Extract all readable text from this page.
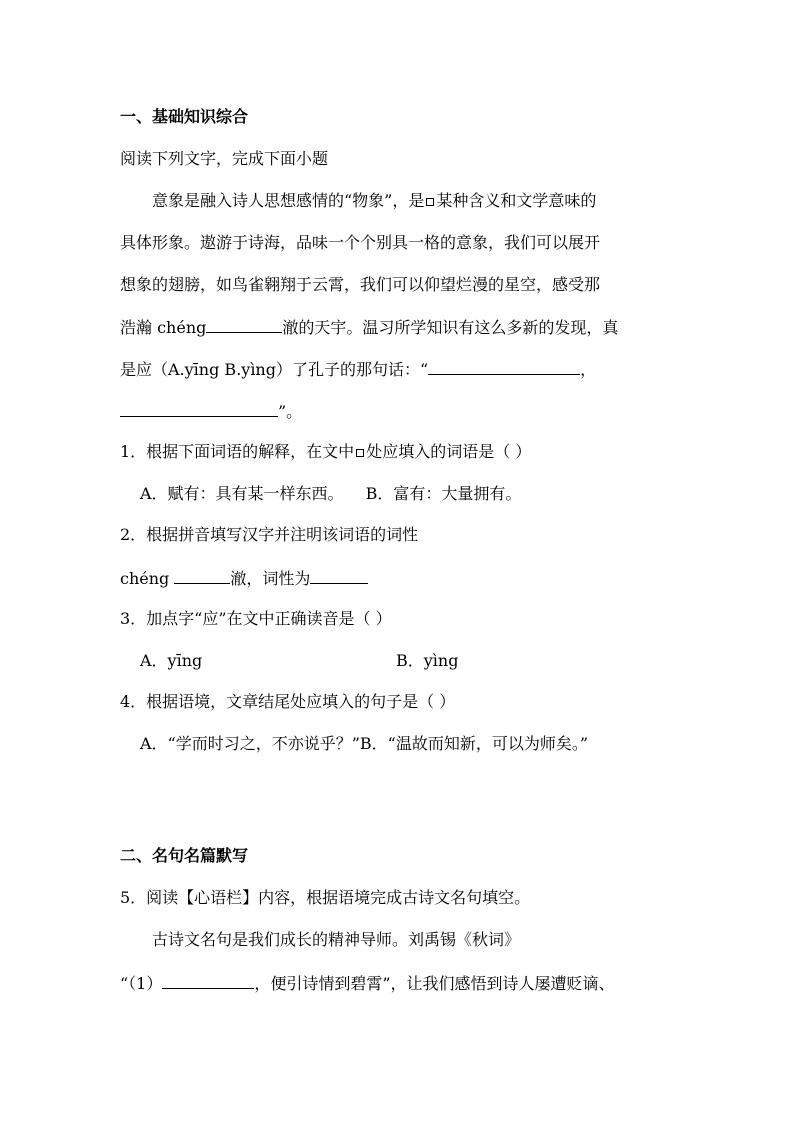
一、基础知识综合
阅读下列文字，完成下面小题
意象是融入诗人思想感情的“物象”，是 某种含义和文学意味的
具体形象。遨游于诗海，品味一个个别具一格的意象，我们可以展开
想象的翅膀，如鸟雀翱翔于云霄，我们可以仰望烂漫的星空，感受那
浩瀚 chéng	澈的天宇。温习所学知识有这么多新的发现，真
是应（A.yīng B.yìng）了孔子的那句话：“	，
”。
1．根据下面词语的解释，在文中 处应填入的词语是（ ）
A．赋有：具有某一样东西。 B．富有：大量拥有。
2．根据拼音填写汉字并注明该词语的词性
chéng	澈，词性为
3．加点字“应”在文中正确读音是（ ）
A．yīng	B．yìng
4．根据语境，文章结尾处应填入的句子是（ ）
A．“学而时习之，不亦说乎？”B．“温故而知新，可以为师矣。”
二、名句名篇默写
5．阅读【心语栏】内容，根据语境完成古诗文名句填空。
古诗文名句是我们成长的精神导师。刘禹锡《秋词》
“（1）	，便引诗情到碧霄”，让我们感悟到诗人屡遭贬谪、
